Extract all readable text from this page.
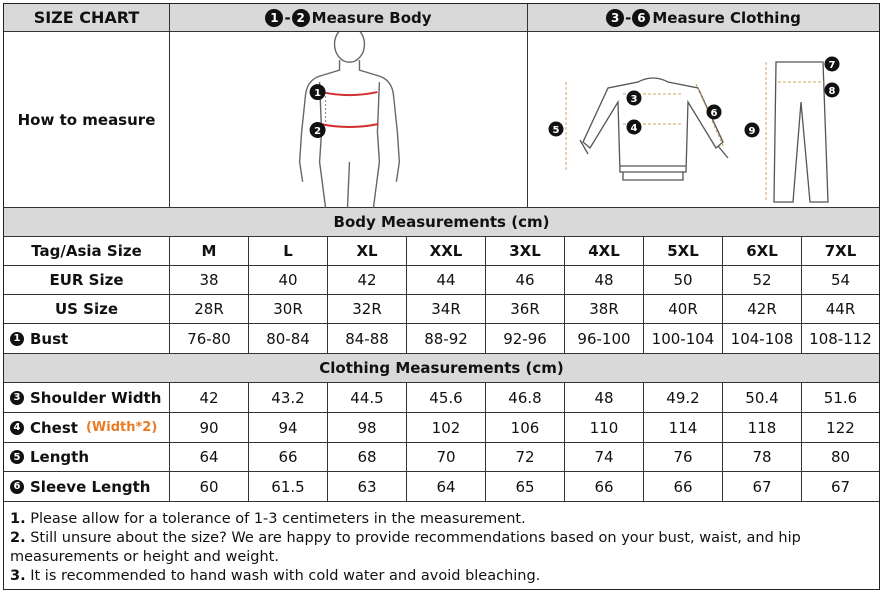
SIZE CHART	1 - 2 Measure Body	3 - 6 Measure Clothing
How to measure
1
2
3
4
5
6
7
8
9
Body Measurements (cm)
Tag/Asia Size	M	L	XL	XXL	3XL	4XL	5XL	6XL	7XL
EUR Size	38	40	42	44	46	48	50	52	54
US Size	28R	30R	32R	34R	36R	38R	40R	42R	44R
1 Bust	76-80	80-84	84-88	88-92	92-96	96-100	100-104	104-108	108-112
Clothing Measurements (cm)
3 Shoulder Width	42	43.2	44.5	45.6	46.8	48	49.2	50.4	51.6
4 Chest (Width*2)	90	94	98	102	106	110	114	118	122
5 Length	64	66	68	70	72	74	76	78	80
6 Sleeve Length	60	61.5	63	64	65	66	66	67	67
1. Please allow for a tolerance of 1-3 centimeters in the measurement.
2. Still unsure about the size? We are happy to provide recommendations based on your bust, waist, and hip measurements or height and weight.
3. It is recommended to hand wash with cold water and avoid bleaching.
